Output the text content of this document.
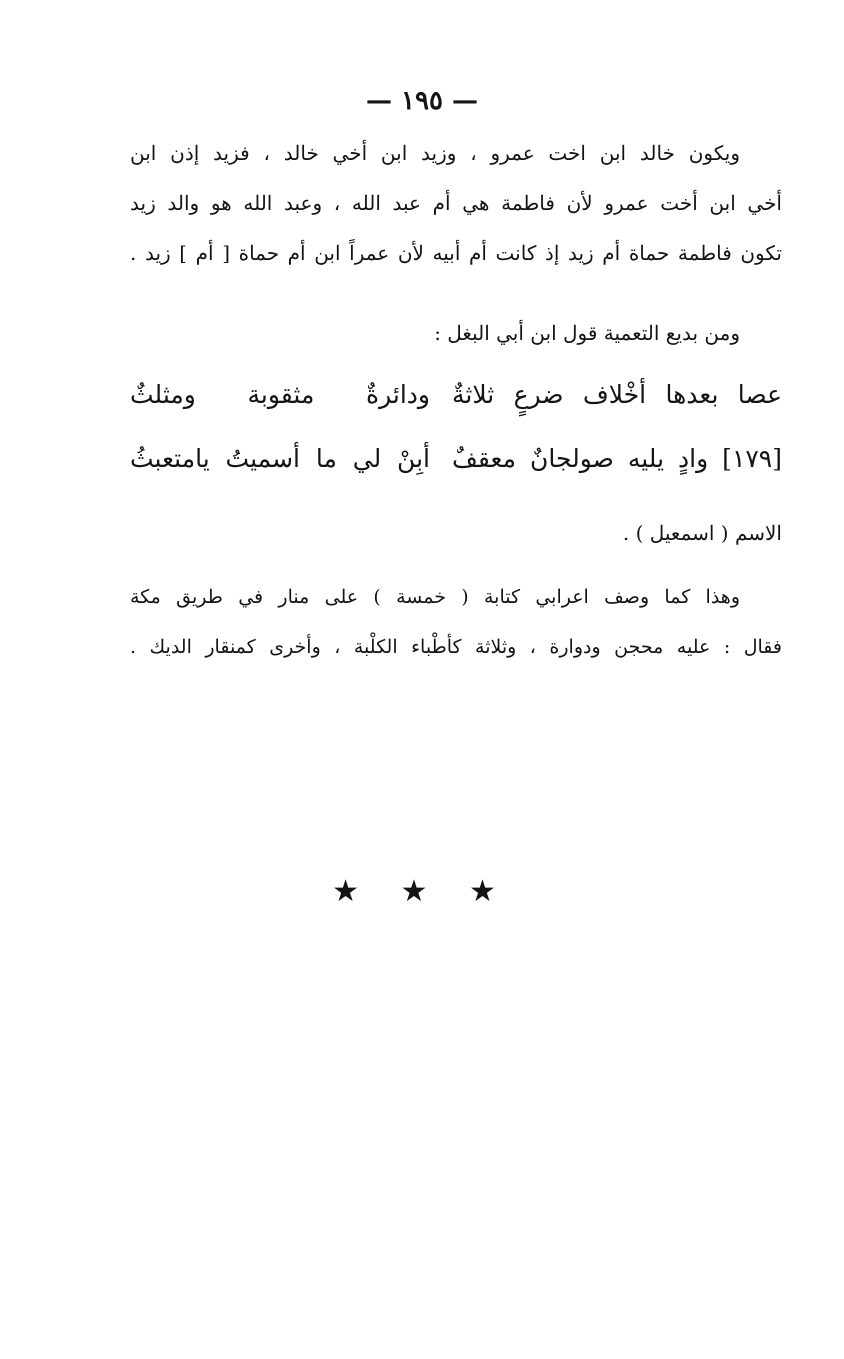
— ١٩٥ —
ويكون خالد ابن اخت عمرو ، وزيد ابن أخي خالد ، فزيد إذن ابن
أخي ابن أخت عمرو لأن فاطمة هي أم عبد الله ، وعبد الله هو والد زيد
تكون فاطمة حماة أم زيد إذ كانت أم أبيه لأن عمراً ابن أم حماة [ أم ] زيد .
ومن بديع التعمية قول ابن أبي البغل :
عصا بعدها أخْلاف ضرعٍ ثلاثةٌ
ودائرةٌ مثقوبة ومثلثٌ
[١٧٩] وادٍ يليه صولجانٌ معقفٌ
أبِنْ لي ما أسميتُ يامتعبثُ
الاسم ( اسمعيل ) .
وهذا كما وصف اعرابي كتابة ( خمسة ) على منار في طريق مكة
فقال : عليه محجن ودوارة ، وثلاثة كأطْباء الكلْبة ، وأخرى كمنقار الديك .
★ ★ ★
